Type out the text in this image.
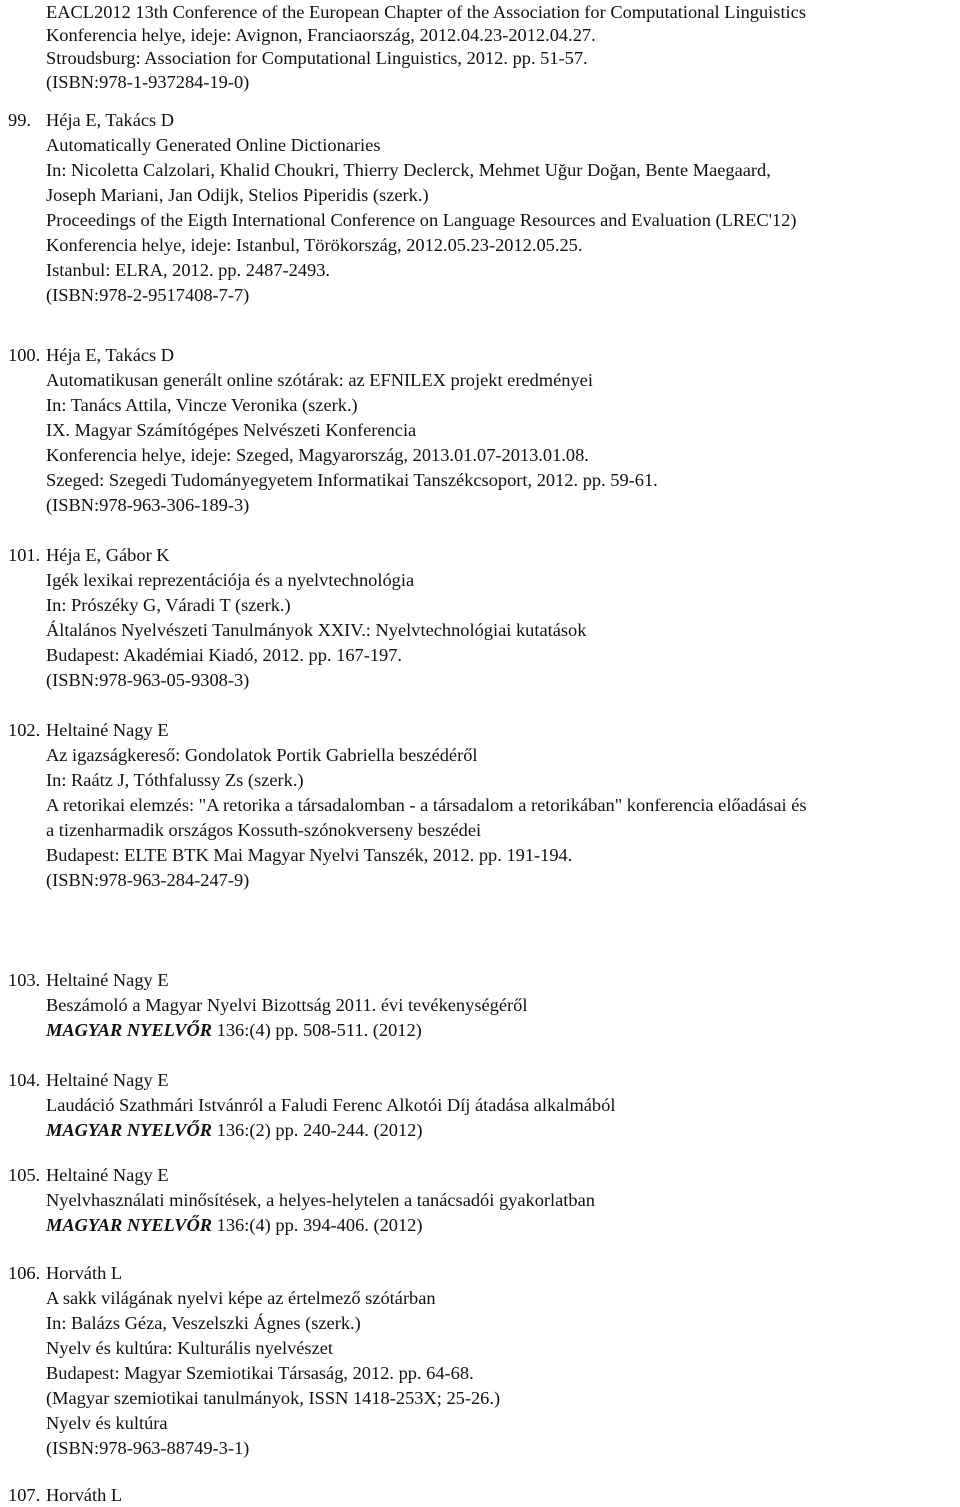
EACL2012 13th Conference of the European Chapter of the Association for Computational Linguistics
Konferencia helye, ideje: Avignon, Franciaország, 2012.04.23-2012.04.27.
Stroudsburg: Association for Computational Linguistics, 2012. pp. 51-57.
(ISBN:978-1-937284-19-0)
99. Héja E, Takács D
Automatically Generated Online Dictionaries
In: Nicoletta Calzolari, Khalid Choukri, Thierry Declerck, Mehmet Uğur Doğan, Bente Maegaard,
Joseph Mariani, Jan Odijk, Stelios Piperidis (szerk.)
Proceedings of the Eigth International Conference on Language Resources and Evaluation (LREC'12)
Konferencia helye, ideje: Istanbul, Törökország, 2012.05.23-2012.05.25.
Istanbul: ELRA, 2012. pp. 2487-2493.
(ISBN:978-2-9517408-7-7)
100. Héja E, Takács D
Automatikusan generált online szótárak: az EFNILEX projekt eredményei
In: Tanács Attila, Vincze Veronika (szerk.)
IX. Magyar Számítógépes Nelvészeti Konferencia
Konferencia helye, ideje: Szeged, Magyarország, 2013.01.07-2013.01.08.
Szeged: Szegedi Tudományegyetem Informatikai Tanszékcsoport, 2012. pp. 59-61.
(ISBN:978-963-306-189-3)
101. Héja E, Gábor K
Igék lexikai reprezentációja és a nyelvtechnológia
In: Prószéky G, Váradi T (szerk.)
Általános Nyelvészeti Tanulmányok XXIV.: Nyelvtechnológiai kutatások
Budapest: Akadémiai Kiadó, 2012. pp. 167-197.
(ISBN:978-963-05-9308-3)
102. Heltainé Nagy E
Az igazságkereső: Gondolatok Portik Gabriella beszédéről
In: Raátz J, Tóthfalussy Zs (szerk.)
A retorikai elemzés: "A retorika a társadalomban - a társadalom a retorikában" konferencia előadásai és
a tizenharmadik országos Kossuth-szónokverseny beszédei
Budapest: ELTE BTK Mai Magyar Nyelvi Tanszék, 2012. pp. 191-194.
(ISBN:978-963-284-247-9)
103. Heltainé Nagy E
Beszámoló a Magyar Nyelvi Bizottság 2011. évi tevékenységéről
MAGYAR NYELVŐR 136:(4) pp. 508-511. (2012)
104. Heltainé Nagy E
Laudáció Szathmári Istvánról a Faludi Ferenc Alkotói Díj átadása alkalmából
MAGYAR NYELVŐR 136:(2) pp. 240-244. (2012)
105. Heltainé Nagy E
Nyelvhasználati minősítések, a helyes-helytelen a tanácsadói gyakorlatban
MAGYAR NYELVŐR 136:(4) pp. 394-406. (2012)
106. Horváth L
A sakk világának nyelvi képe az értelmező szótárban
In: Balázs Géza, Veszelszki Ágnes (szerk.)
Nyelv és kultúra: Kulturális nyelvészet
Budapest: Magyar Szemiotikai Társaság, 2012. pp. 64-68.
(Magyar szemiotikai tanulmányok, ISSN 1418-253X; 25-26.)
Nyelv és kultúra
(ISBN:978-963-88749-3-1)
107. Horváth L
